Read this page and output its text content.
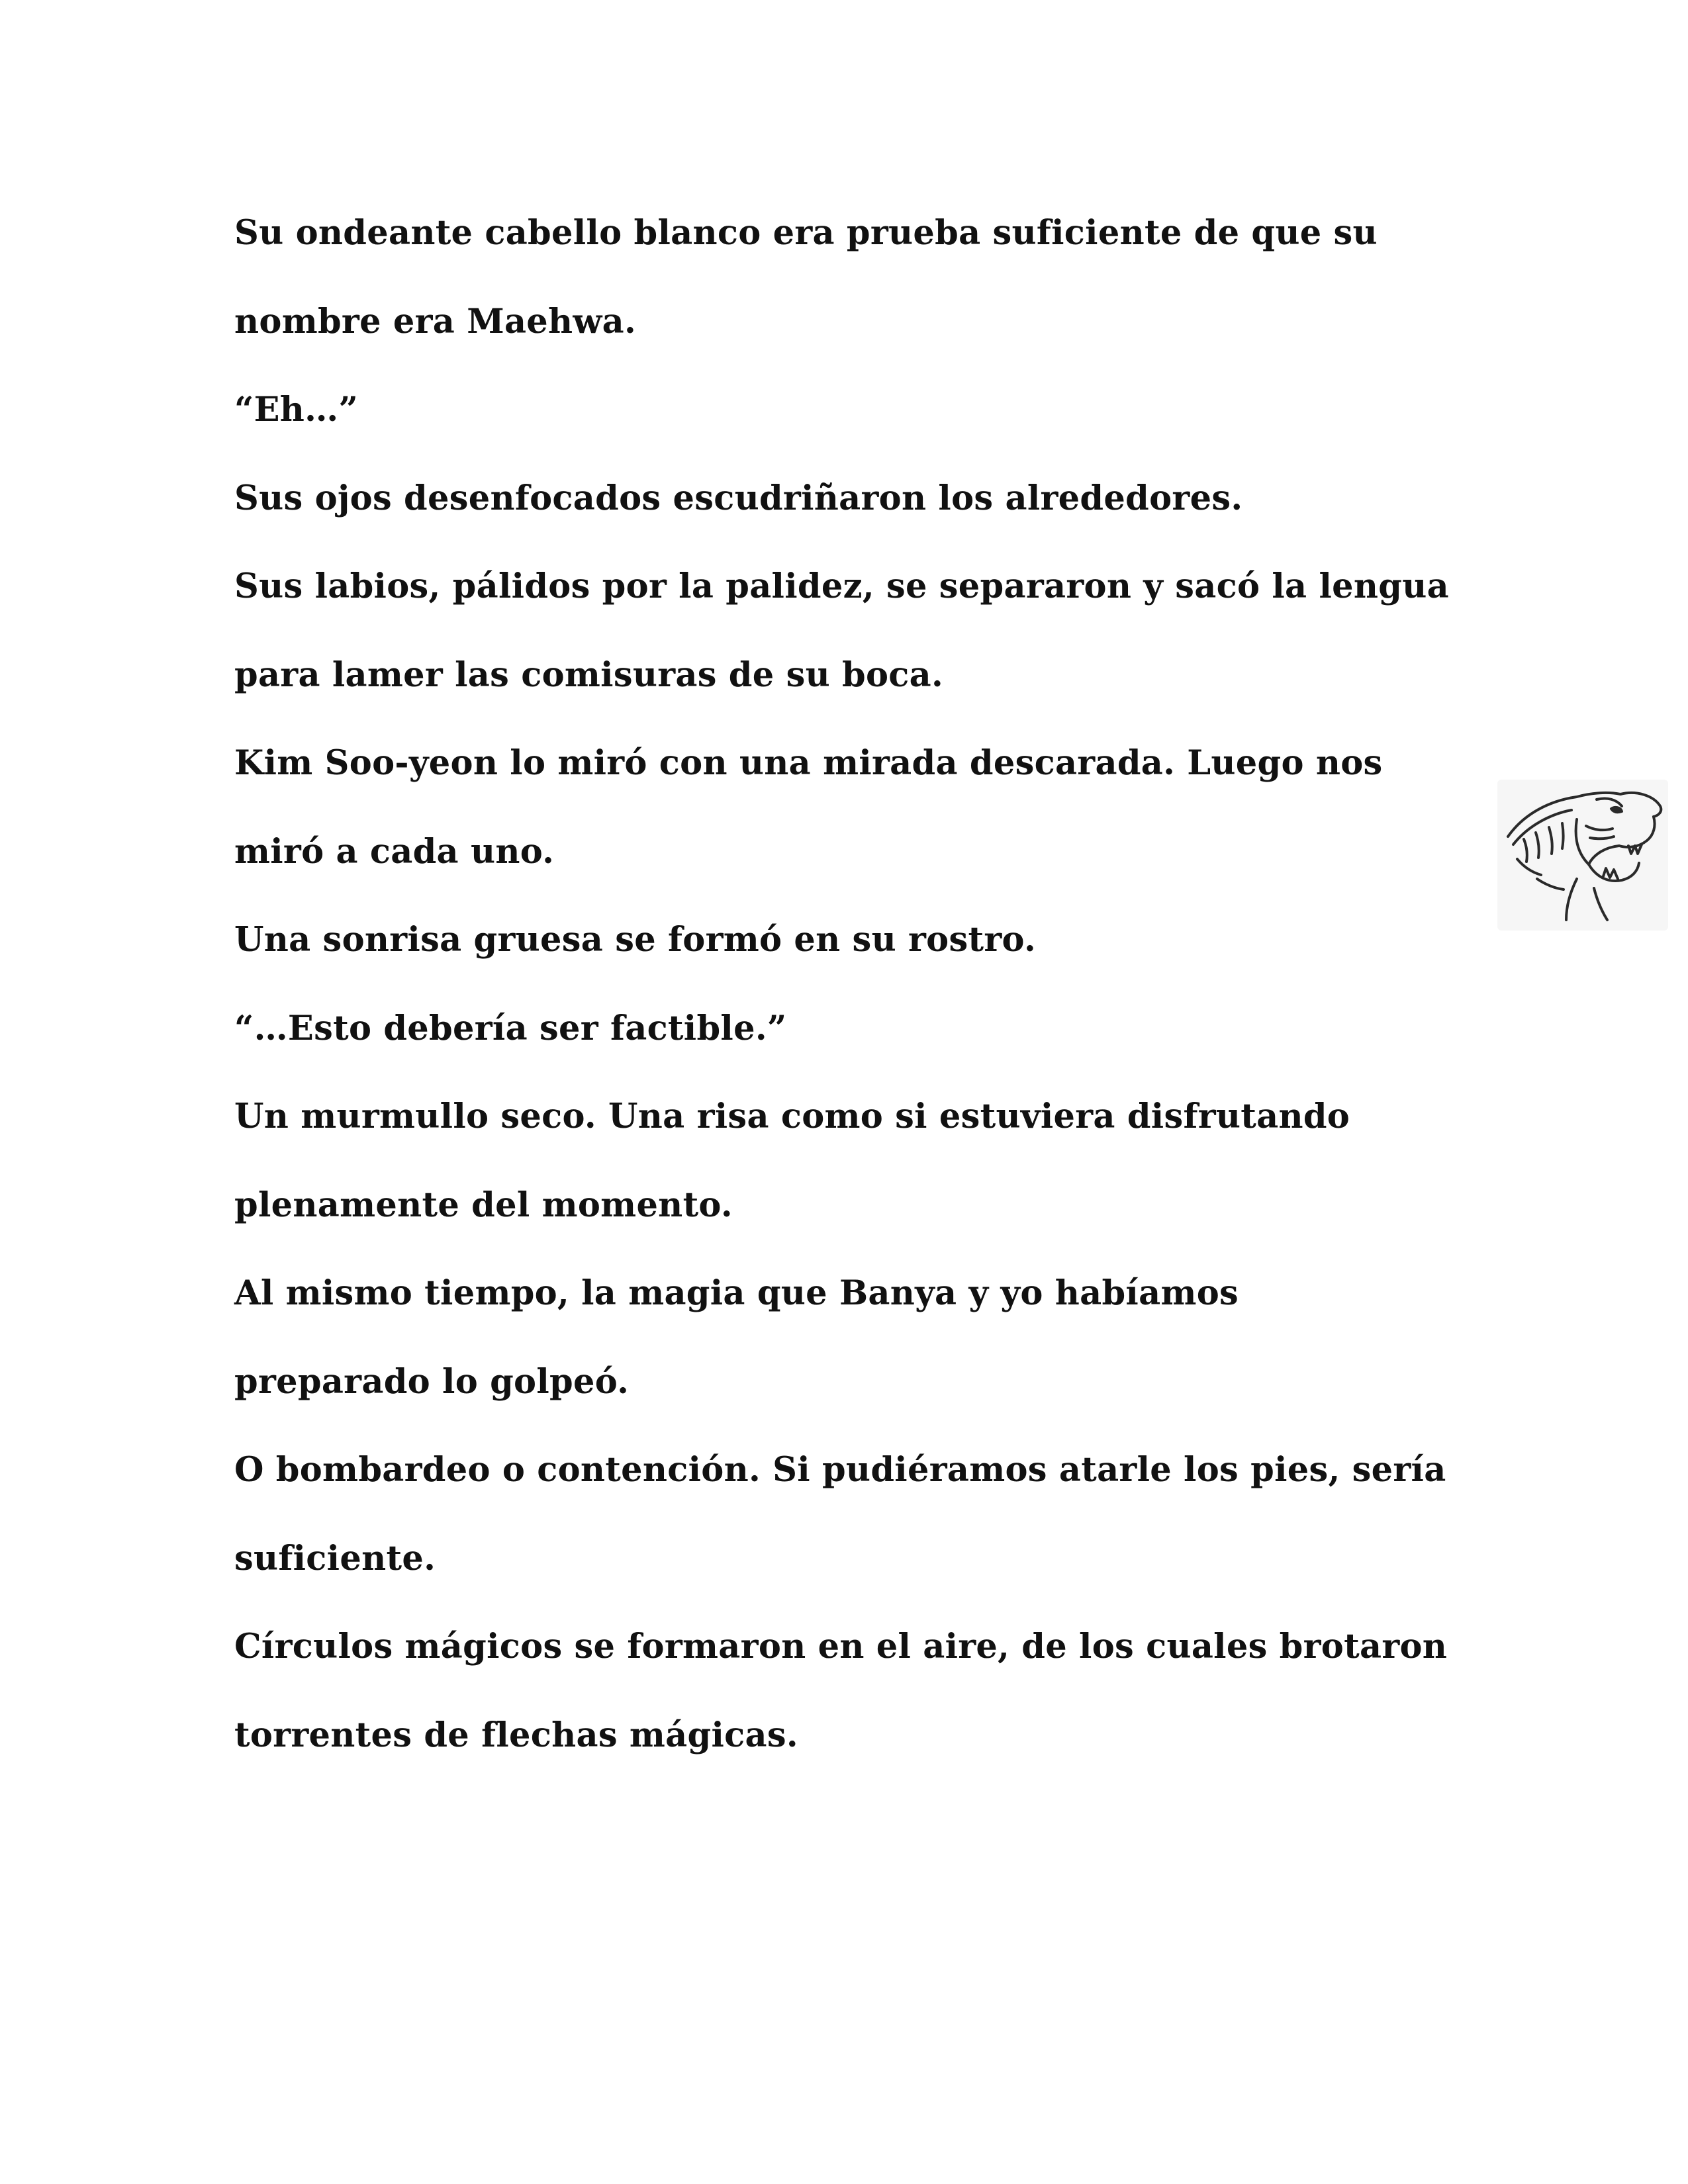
Su ondeante cabello blanco era prueba suficiente de que su
nombre era Maehwa.
“Eh…”
Sus ojos desenfocados escudriñaron los alrededores.
Sus labios, pálidos por la palidez, se separaron y sacó la lengua
para lamer las comisuras de su boca.
Kim Soo-yeon lo miró con una mirada descarada. Luego nos
miró a cada uno.
Una sonrisa gruesa se formó en su rostro.
“…Esto debería ser factible.”
Un murmullo seco. Una risa como si estuviera disfrutando
plenamente del momento.
Al mismo tiempo, la magia que Banya y yo habíamos
preparado lo golpeó.
O bombardeo o contención. Si pudiéramos atarle los pies, sería
suficiente.
Círculos mágicos se formaron en el aire, de los cuales brotaron
torrentes de flechas mágicas.
